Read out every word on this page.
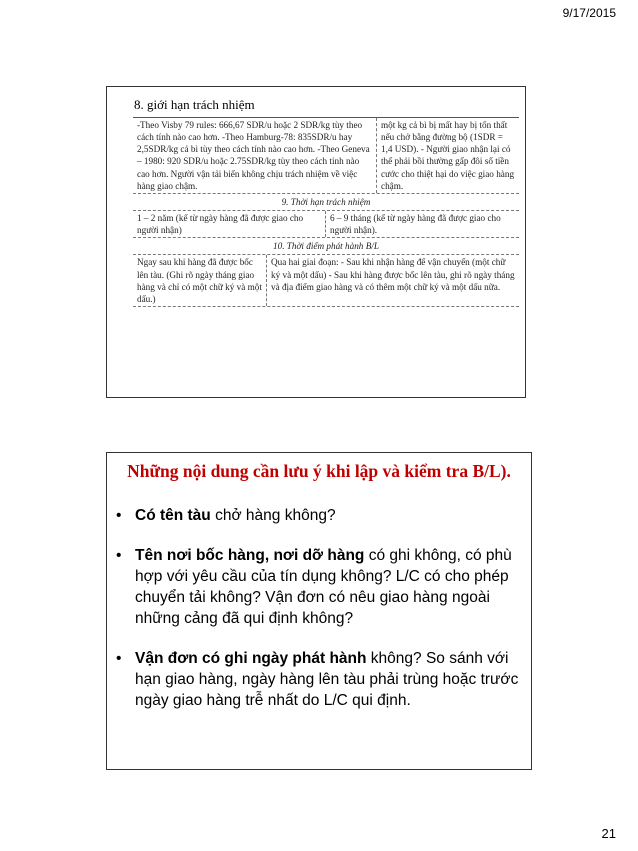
9/17/2015
8. giới hạn trách nhiệm
-Theo Visby 79 rules: 666,67 SDR/u hoặc 2 SDR/kg tùy theo cách tính nào cao hơn. -Theo Hamburg-78: 835SDR/u hay 2,5SDR/kg cả bì tùy theo cách tính nào cao hơn. -Theo Geneva – 1980: 920 SDR/u hoặc 2.75SDR/kg tùy theo cách tính nào cao hơn. Người vận tải biển không chịu trách nhiệm về việc hàng giao chậm.
một kg cả bì bị mất hay bị tổn thất nếu chở bằng đường bộ (1SDR = 1,4 USD). - Người giao nhận lại có thể phải bồi thường gấp đôi số tiền cước cho thiệt hại do việc giao hàng chậm.
9. Thời hạn trách nhiệm
1 – 2 năm (kể từ ngày hàng đã được giao cho người nhận)
6 – 9 tháng (kể từ ngày hàng đã được giao cho người nhận).
10. Thời điểm phát hành B/L
Ngay sau khi hàng đã được bốc lên tàu. (Ghi rõ ngày tháng giao hàng và chỉ có một chữ ký và một dấu.)
Qua hai giai đoạn: - Sau khi nhận hàng để vận chuyển (một chữ ký và một dấu) - Sau khi hàng được bốc lên tàu, ghi rõ ngày tháng và địa điểm giao hàng và có thêm một chữ ký và một dấu nữa.
Những nội dung cần lưu ý khi lập và kiểm tra B/L).
• Có tên tàu chở hàng không?
• Tên nơi bốc hàng, nơi dỡ hàng có ghi không, có phù hợp với yêu cầu của tín dụng không? L/C có cho phép chuyển tải không? Vận đơn có nêu giao hàng ngoài những cảng đã qui định không?
• Vận đơn có ghi ngày phát hành không? So sánh với hạn giao hàng, ngày hàng lên tàu phải trùng hoặc trước ngày giao hàng trễ nhất do L/C qui định.
21
